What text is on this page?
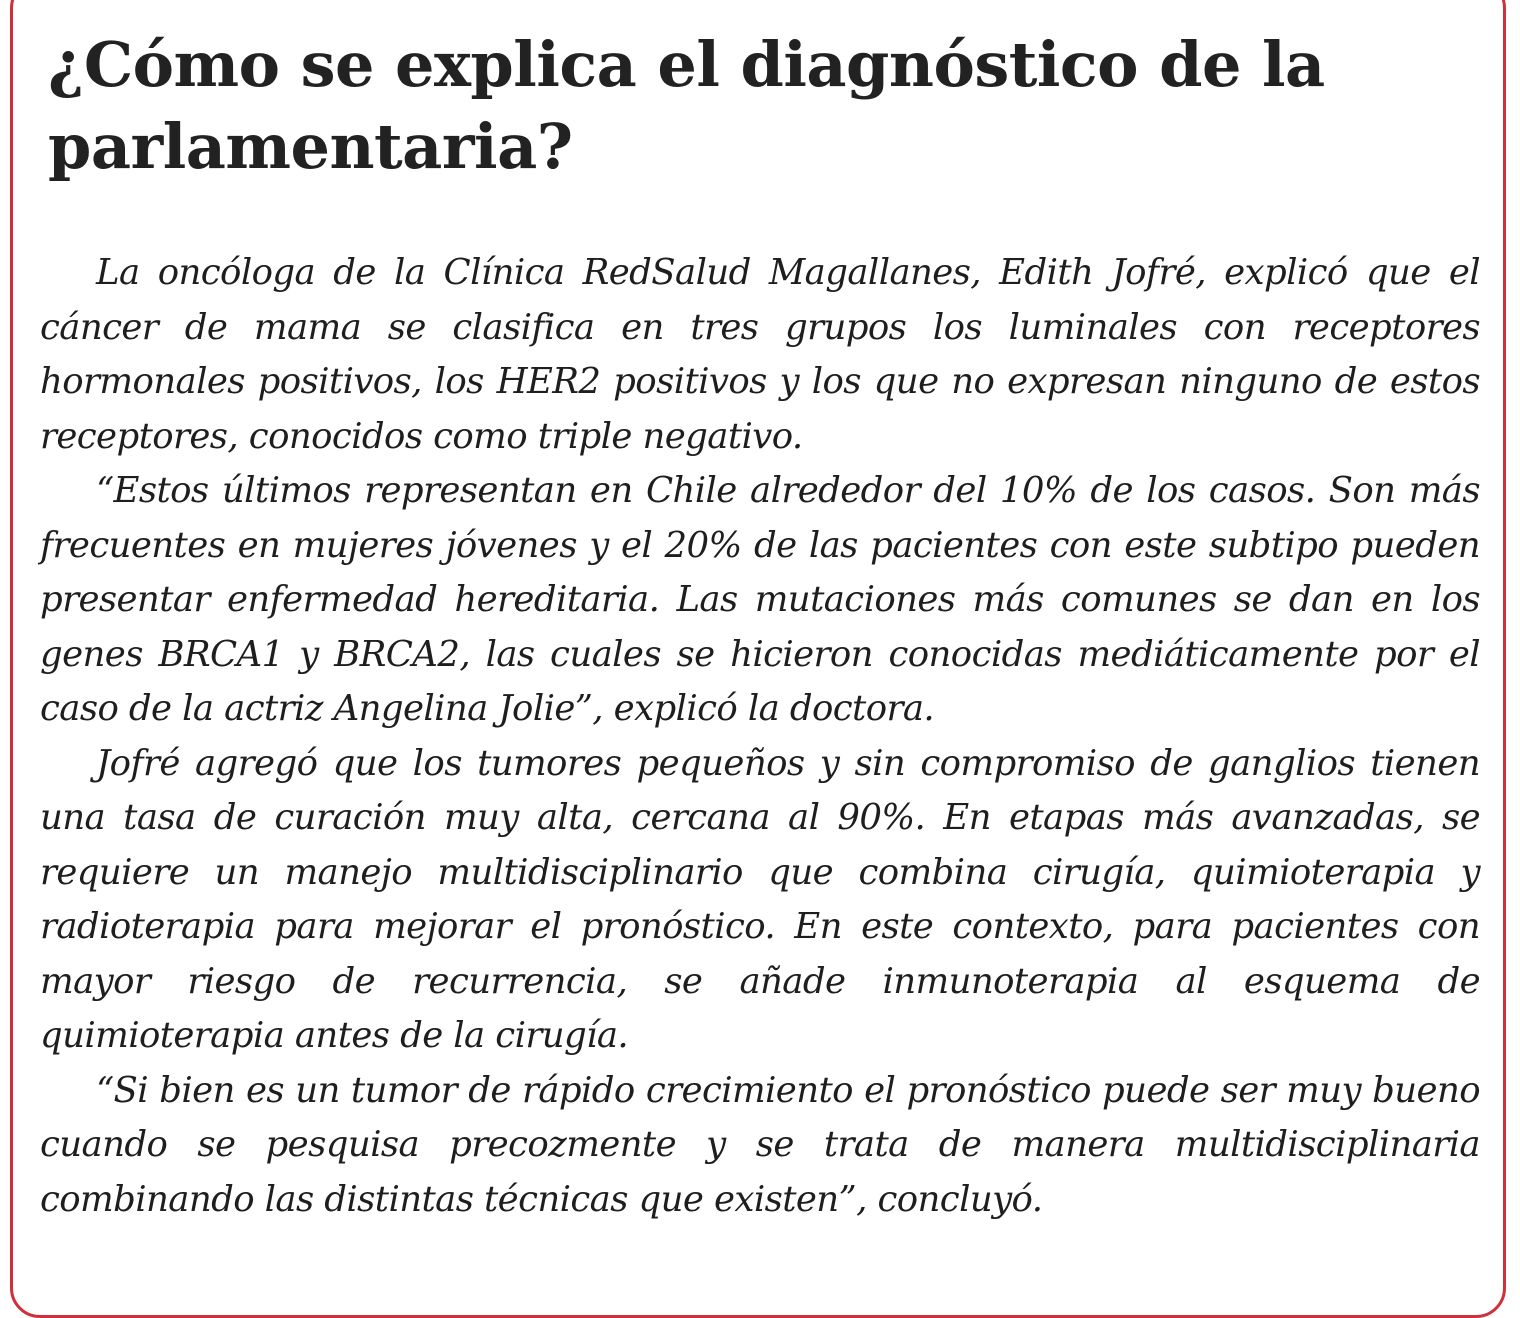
¿Cómo se explica el diagnóstico de la parlamentaria?

La oncóloga de la Clínica RedSalud Magallanes, Edith Jofré, explicó que el cáncer de mama se clasifica en tres grupos los luminales con receptores hormonales positivos, los HER2 positivos y los que no expresan ninguno de estos receptores, conocidos como triple negativo.

“Estos últimos representan en Chile alrededor del 10% de los casos. Son más frecuentes en mujeres jóvenes y el 20% de las pacientes con este subtipo pueden presentar enfermedad hereditaria. Las mutaciones más comunes se dan en los genes BRCA1 y BRCA2, las cuales se hicieron conocidas mediáticamente por el caso de la actriz Angelina Jolie”, explicó la doctora.

Jofré agregó que los tumores pequeños y sin compromiso de ganglios tienen una tasa de curación muy alta, cercana al 90%. En etapas más avanzadas, se requiere un manejo multidisciplinario que combina cirugía, quimioterapia y radioterapia para mejorar el pronóstico. En este contexto, para pacientes con mayor riesgo de recurrencia, se añade inmunoterapia al esquema de quimioterapia antes de la cirugía.

“Si bien es un tumor de rápido crecimiento el pronóstico puede ser muy bueno cuando se pesquisa precozmente y se trata de manera multidisciplinaria combinando las distintas técnicas que existen”, concluyó.
